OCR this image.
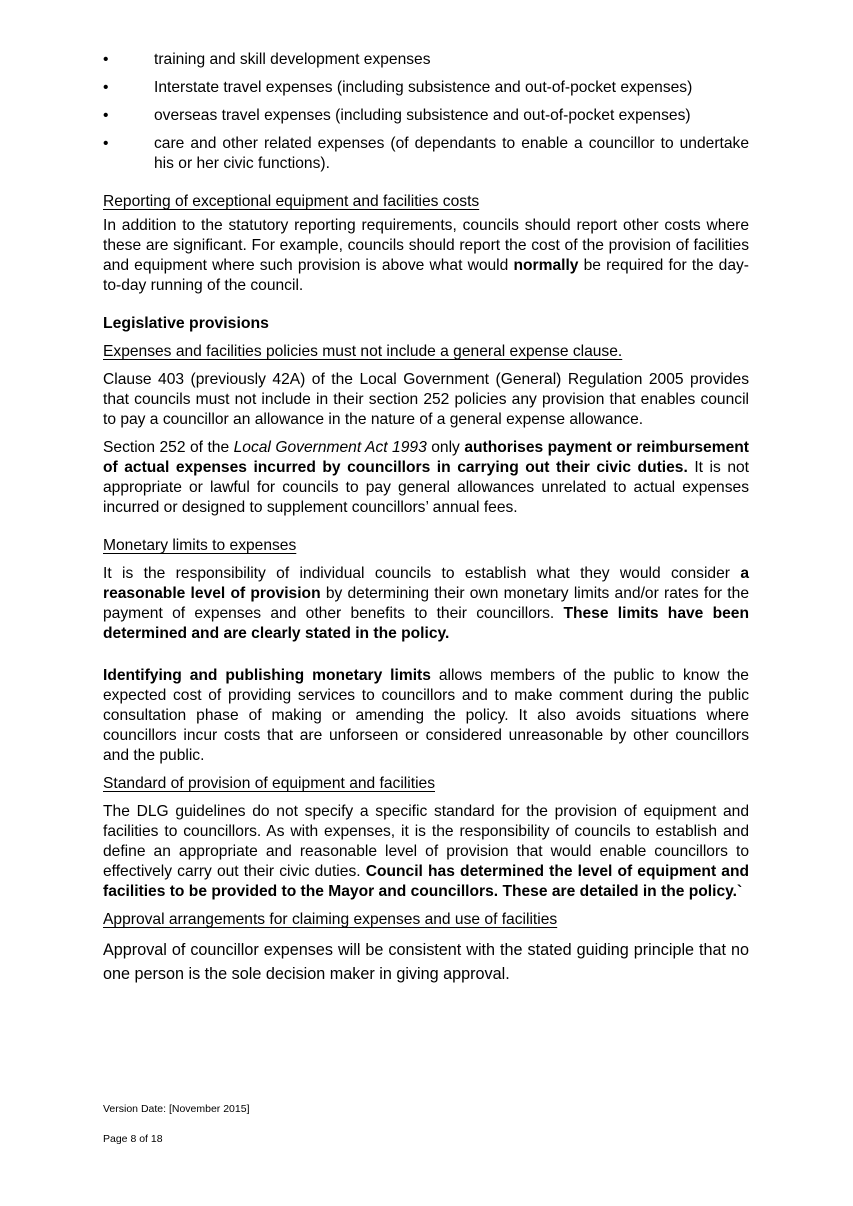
•	training and skill development expenses
•	Interstate travel expenses (including subsistence and out-of-pocket expenses)
•	overseas travel expenses (including subsistence and out-of-pocket expenses)
•	care and other related expenses (of dependants to enable a councillor to undertake his or her civic functions).

Reporting of exceptional equipment and facilities costs

In addition to the statutory reporting requirements, councils should report other costs where these are significant. For example, councils should report the cost of the provision of facilities and equipment where such provision is above what would normally be required for the day-to-day running of the council.

Legislative provisions

Expenses and facilities policies must not include a general expense clause.

Clause 403 (previously 42A) of the Local Government (General) Regulation 2005 provides that councils must not include in their section 252 policies any provision that enables council to pay a councillor an allowance in the nature of a general expense allowance.

Section 252 of the Local Government Act 1993 only authorises payment or reimbursement of actual expenses incurred by councillors in carrying out their civic duties. It is not appropriate or lawful for councils to pay general allowances unrelated to actual expenses incurred or designed to supplement councillors’ annual fees.

Monetary limits to expenses

It is the responsibility of individual councils to establish what they would consider a reasonable level of provision by determining their own monetary limits and/or rates for the payment of expenses and other benefits to their councillors. These limits have been determined and are clearly stated in the policy.

Identifying and publishing monetary limits allows members of the public to know the expected cost of providing services to councillors and to make comment during the public consultation phase of making or amending the policy. It also avoids situations where councillors incur costs that are unforseen or considered unreasonable by other councillors and the public.

Standard of provision of equipment and facilities

The DLG guidelines do not specify a specific standard for the provision of equipment and facilities to councillors. As with expenses, it is the responsibility of councils to establish and define an appropriate and reasonable level of provision that would enable councillors to effectively carry out their civic duties. Council has determined the level of equipment and facilities to be provided to the Mayor and councillors. These are detailed in the policy.`

Approval arrangements for claiming expenses and use of facilities

Approval of councillor expenses will be consistent with the stated guiding principle that no one person is the sole decision maker in giving approval.

Version Date: [November 2015]
Page 8 of 18
